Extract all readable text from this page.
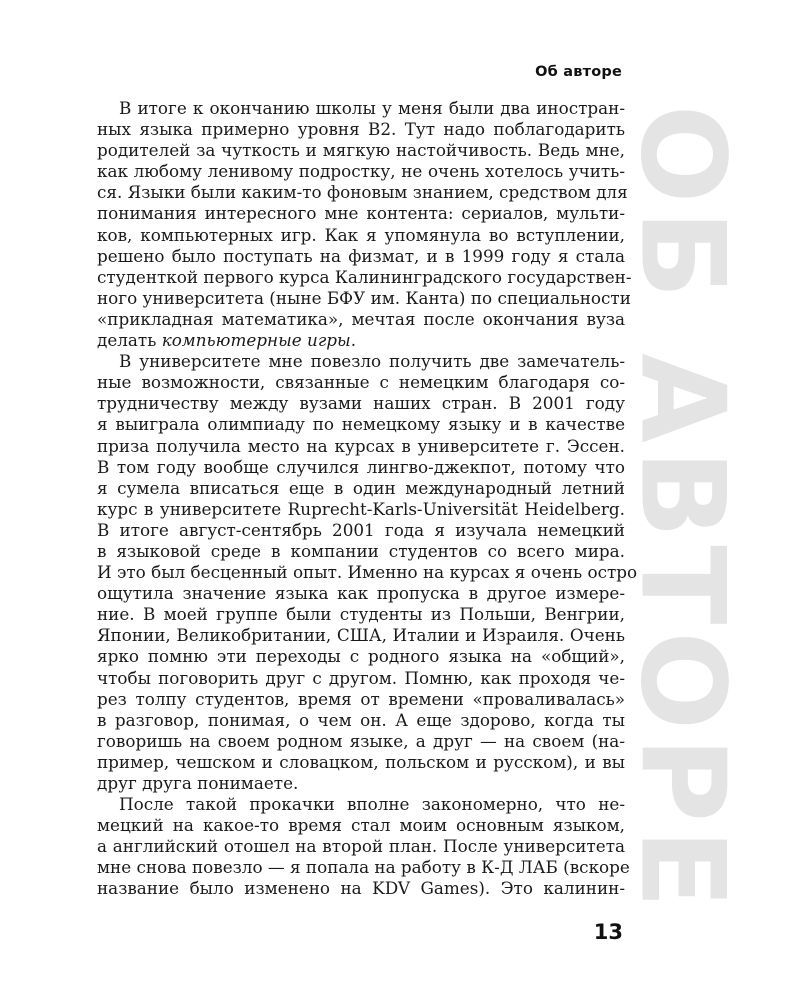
Об авторе
ОБ АВТОРЕ
В итоге к окончанию школы у меня были два иностран-
ных языка примерно уровня B2. Тут надо поблагодарить
родителей за чуткость и мягкую настойчивость. Ведь мне,
как любому ленивому подростку, не очень хотелось учить-
ся. Языки были каким-то фоновым знанием, средством для
понимания интересного мне контента: сериалов, мульти-
ков, компьютерных игр. Как я упомянула во вступлении,
решено было поступать на физмат, и в 1999 году я стала
студенткой первого курса Калининградского государствен-
ного университета (ныне БФУ им. Канта) по специальности
«прикладная математика», мечтая после окончания вуза
делать компьютерные игры.
В университете мне повезло получить две замечатель-
ные возможности, связанные с немецким благодаря со-
трудничеству между вузами наших стран. В 2001 году
я выиграла олимпиаду по немецкому языку и в качестве
приза получила место на курсах в университете г. Эссен.
В том году вообще случился лингво-джекпот, потому что
я сумела вписаться еще в один международный летний
курс в университете Ruprecht-Karls-Universität Heidelberg.
В итоге август-сентябрь 2001 года я изучала немецкий
в языковой среде в компании студентов со всего мира.
И это был бесценный опыт. Именно на курсах я очень остро
ощутила значение языка как пропуска в другое измере-
ние. В моей группе были студенты из Польши, Венгрии,
Японии, Великобритании, США, Италии и Израиля. Очень
ярко помню эти переходы с родного языка на «общий»,
чтобы поговорить друг с другом. Помню, как проходя че-
рез толпу студентов, время от времени «проваливалась»
в разговор, понимая, о чем он. А еще здорово, когда ты
говоришь на своем родном языке, а друг — на своем (на-
пример, чешском и словацком, польском и русском), и вы
друг друга понимаете.
После такой прокачки вполне закономерно, что не-
мецкий на какое-то время стал моим основным языком,
а английский отошел на второй план. После университета
мне снова повезло — я попала на работу в К-Д ЛАБ (вскоре
название было изменено на KDV Games). Это калинин-
13
